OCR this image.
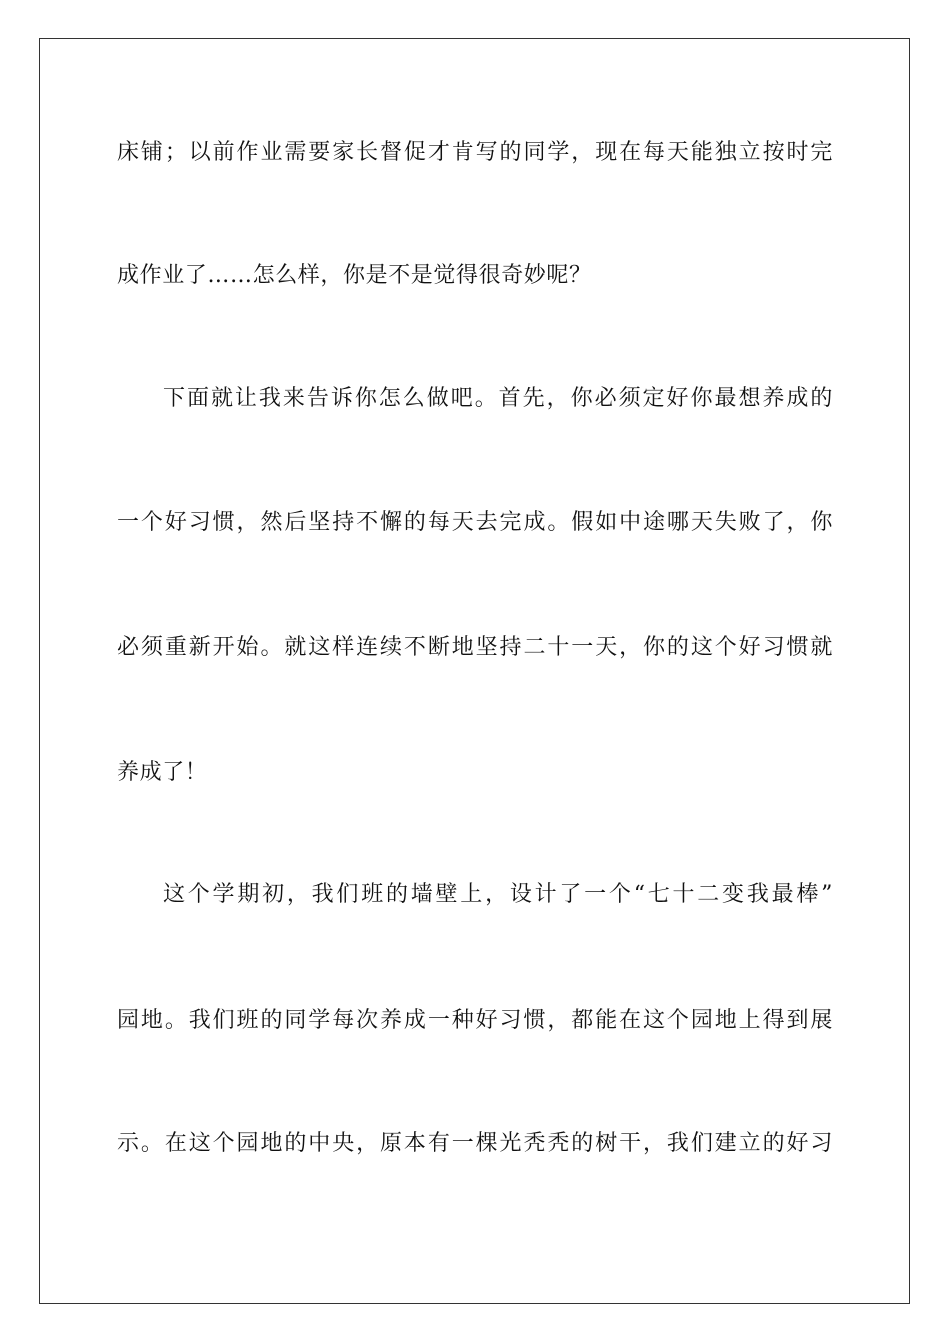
床铺；以前作业需要家长督促才肯写的同学，现在每天能独立按时完
成作业了……怎么样，你是不是觉得很奇妙呢？
下面就让我来告诉你怎么做吧。首先，你必须定好你最想养成的
一个好习惯，然后坚持不懈的每天去完成。假如中途哪天失败了，你
必须重新开始。就这样连续不断地坚持二十一天，你的这个好习惯就
养成了！
这个学期初，我们班的墙壁上，设计了一个“七十二变我最棒”
园地。我们班的同学每次养成一种好习惯，都能在这个园地上得到展
示。在这个园地的中央，原本有一棵光秃秃的树干，我们建立的好习
